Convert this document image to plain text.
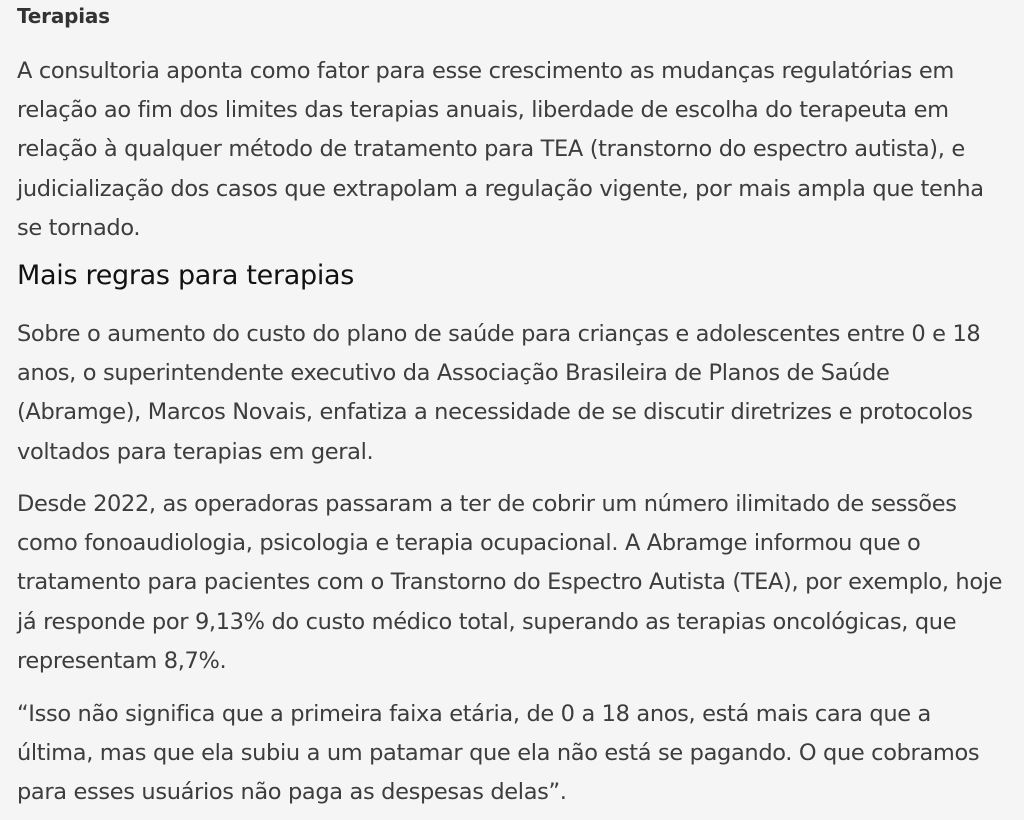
Terapias

A consultoria aponta como fator para esse crescimento as mudanças regulatórias em relação ao fim dos limites das terapias anuais, liberdade de escolha do terapeuta em relação à qualquer método de tratamento para TEA (transtorno do espectro autista), e judicialização dos casos que extrapolam a regulação vigente, por mais ampla que tenha se tornado.

Mais regras para terapias

Sobre o aumento do custo do plano de saúde para crianças e adolescentes entre 0 e 18 anos, o superintendente executivo da Associação Brasileira de Planos de Saúde (Abramge), Marcos Novais, enfatiza a necessidade de se discutir diretrizes e protocolos voltados para terapias em geral.

Desde 2022, as operadoras passaram a ter de cobrir um número ilimitado de sessões como fonoaudiologia, psicologia e terapia ocupacional. A Abramge informou que o tratamento para pacientes com o Transtorno do Espectro Autista (TEA), por exemplo, hoje já responde por 9,13% do custo médico total, superando as terapias oncológicas, que representam 8,7%.

“Isso não significa que a primeira faixa etária, de 0 a 18 anos, está mais cara que a última, mas que ela subiu a um patamar que ela não está se pagando. O que cobramos para esses usuários não paga as despesas delas”.
